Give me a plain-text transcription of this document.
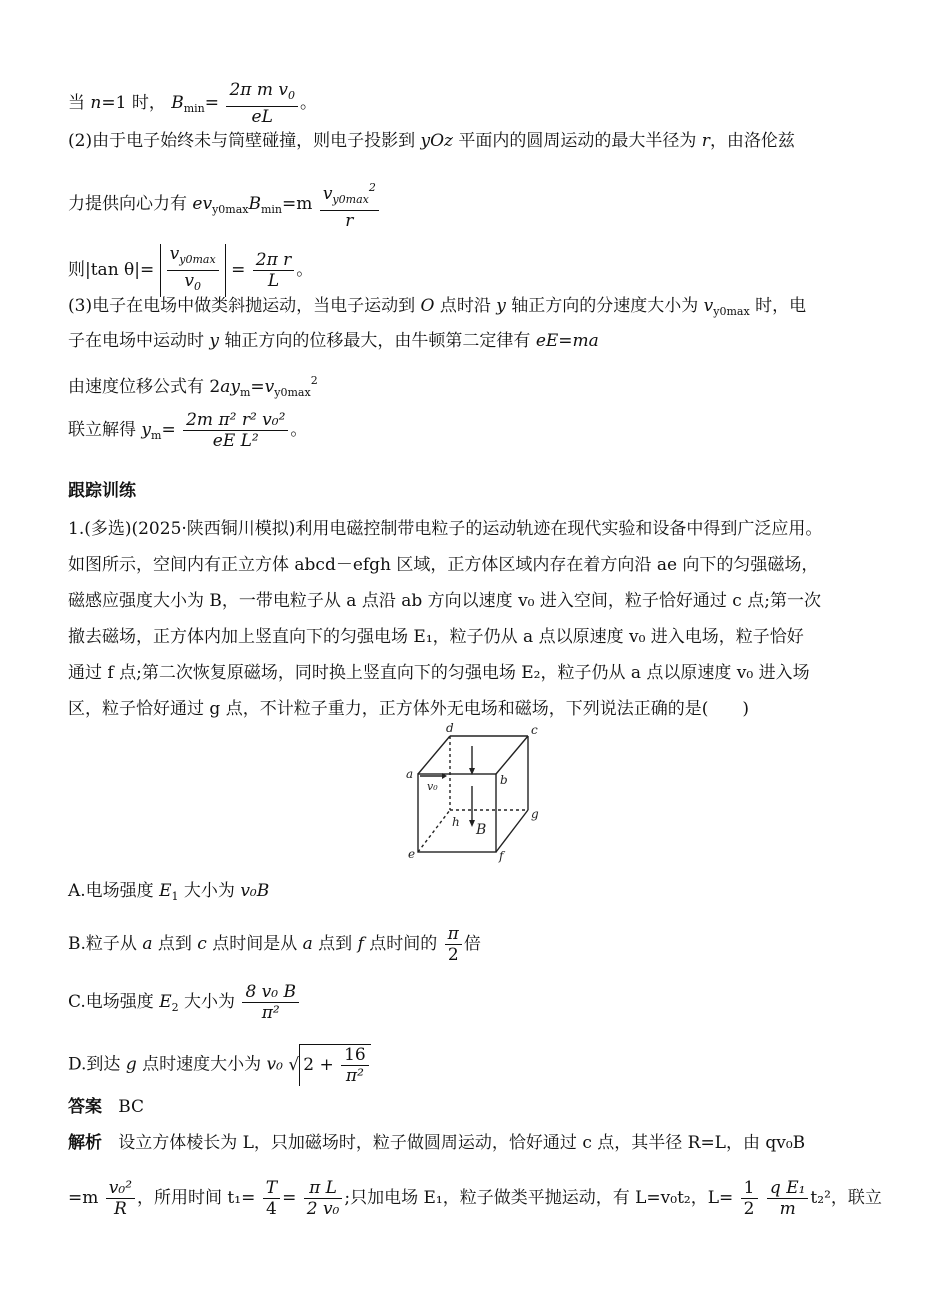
当 n=1 时， $B_{min}= \frac{2\pi m v_0}{eL}$ 。
(2)由于电子始终未与筒壁碰撞，则电子投影到 yOz 平面内的圆周运动的最大半径为 r，由洛伦兹
力提供向心力有 $ev_{y0max}B_{min}=m \frac{v_{y0max}^2}{r}$
则|tan $\theta|= \frac{v_{y0max}}{v_0} = \frac{\text{2π r}}{L}$ 。
(3)电子在电场中做类斜抛运动，当电子运动到 O 点时沿 y 轴正方向的分速度大小为 $v_{y0max}$ 时，电
子在电场中运动时 y 轴正方向的位移最大，由牛顿第二定律有 eE=ma
由速度位移公式有 $2ay_m=v_{y0max}^2$
联立解得 $y_m= \frac{\text{2m π² r² v₀²}}{\text{eE L²}}$ 。
跟踪训练
1.(多选)(2025·陕西铜川模拟)利用电磁控制带电粒子的运动轨迹在现代实验和设备中得到广泛应用。
如图所示，空间内有正立方体 abcd－efgh 区域，正方体区域内存在着方向沿 ae 向下的匀强磁场，
磁感应强度大小为 B，一带电粒子从 a 点沿 ab 方向以速度 v₀ 进入空间，粒子恰好通过 c 点;第一次
撤去磁场，正方体内加上竖直向下的匀强电场 E₁，粒子仍从 a 点以原速度 v₀ 进入电场，粒子恰好
通过 f 点;第二次恢复原磁场，同时换上竖直向下的匀强电场 E₂，粒子仍从 a 点以原速度 v₀ 进入场
区，粒子恰好通过 g 点，不计粒子重力，正方体外无电场和磁场，下列说法正确的是(　　)
a	b
c
d
e	f
g
h
v₀
B
A.电场强度 $E_1$ 大小为 v₀B
B.粒子从 a 点到 c 点时间是从 a 点到 f 点时间的 $\frac{\pi}{2}$ 倍
C.电场强度 $E_2$ 大小为 $\frac{\text{8 v₀ B}}{\text{π²}}$
D.到达 g 点时速度大小为 v₀ √ $2 + \frac{16}{\text{π²}}$
答案 BC
解析 设立方体棱长为 L，只加磁场时，粒子做圆周运动，恰好通过 c 点，其半径 R=L，由 qv₀B
$=m \frac{\text{v₀²}}{R}$ ，所用时间 $t_1= \frac{T}{4} = \frac{\text{π L}}{\text{2 v₀}}$ ;只加电场 E₁，粒子做类平抛运动，有 L=v₀t₂，$L= \frac{1}{2}$
$\frac{\text{q E₁}}{m} t_2^2$，联立
